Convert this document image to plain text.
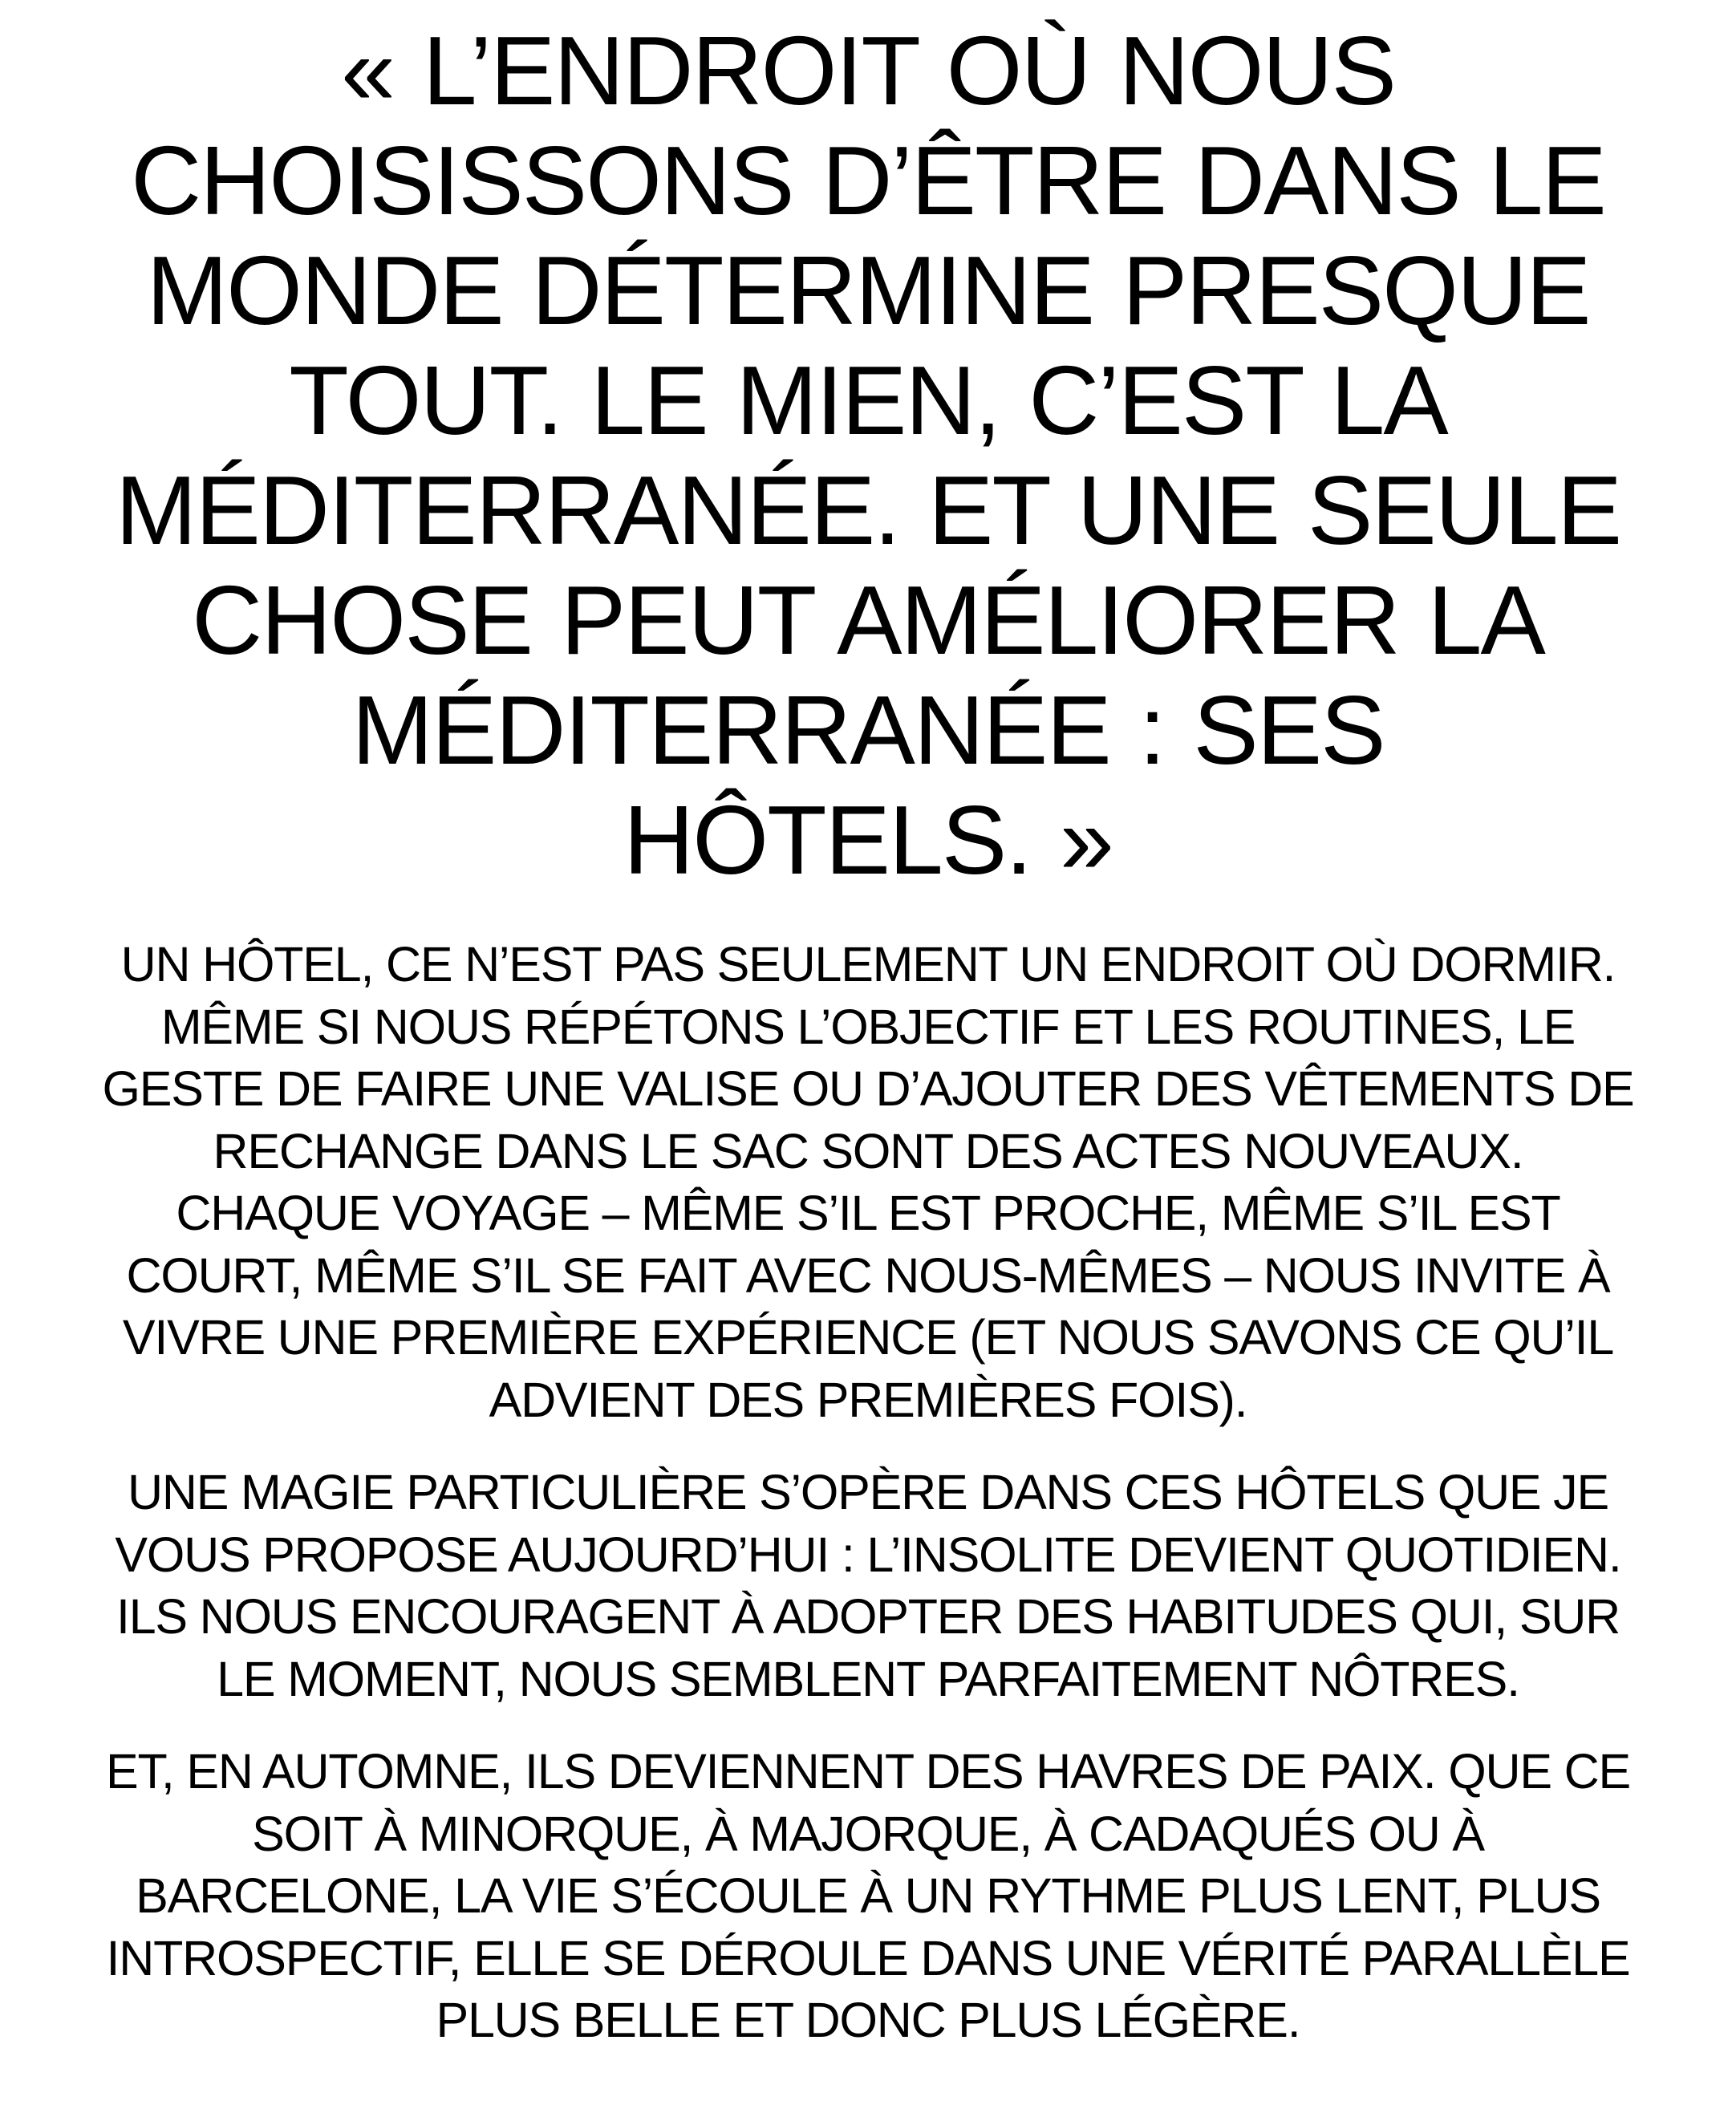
« L’ENDROIT OÙ NOUS
CHOISISSONS D’ÊTRE DANS LE
MONDE DÉTERMINE PRESQUE
TOUT. LE MIEN, C’EST LA
MÉDITERRANÉE. ET UNE SEULE
CHOSE PEUT AMÉLIORER LA
MÉDITERRANÉE : SES
HÔTELS. »

UN HÔTEL, CE N’EST PAS SEULEMENT UN ENDROIT OÙ DORMIR.
MÊME SI NOUS RÉPÉTONS L’OBJECTIF ET LES ROUTINES, LE
GESTE DE FAIRE UNE VALISE OU D’AJOUTER DES VÊTEMENTS DE
RECHANGE DANS LE SAC SONT DES ACTES NOUVEAUX.
CHAQUE VOYAGE – MÊME S’IL EST PROCHE, MÊME S’IL EST
COURT, MÊME S’IL SE FAIT AVEC NOUS-MÊMES – NOUS INVITE À
VIVRE UNE PREMIÈRE EXPÉRIENCE (ET NOUS SAVONS CE QU’IL
ADVIENT DES PREMIÈRES FOIS).

UNE MAGIE PARTICULIÈRE S’OPÈRE DANS CES HÔTELS QUE JE
VOUS PROPOSE AUJOURD’HUI : L’INSOLITE DEVIENT QUOTIDIEN.
ILS NOUS ENCOURAGENT À ADOPTER DES HABITUDES QUI, SUR
LE MOMENT, NOUS SEMBLENT PARFAITEMENT NÔTRES.

ET, EN AUTOMNE, ILS DEVIENNENT DES HAVRES DE PAIX. QUE CE
SOIT À MINORQUE, À MAJORQUE, À CADAQUÉS OU À
BARCELONE, LA VIE S’ÉCOULE À UN RYTHME PLUS LENT, PLUS
INTROSPECTIF, ELLE SE DÉROULE DANS UNE VÉRITÉ PARALLÈLE
PLUS BELLE ET DONC PLUS LÉGÈRE.
